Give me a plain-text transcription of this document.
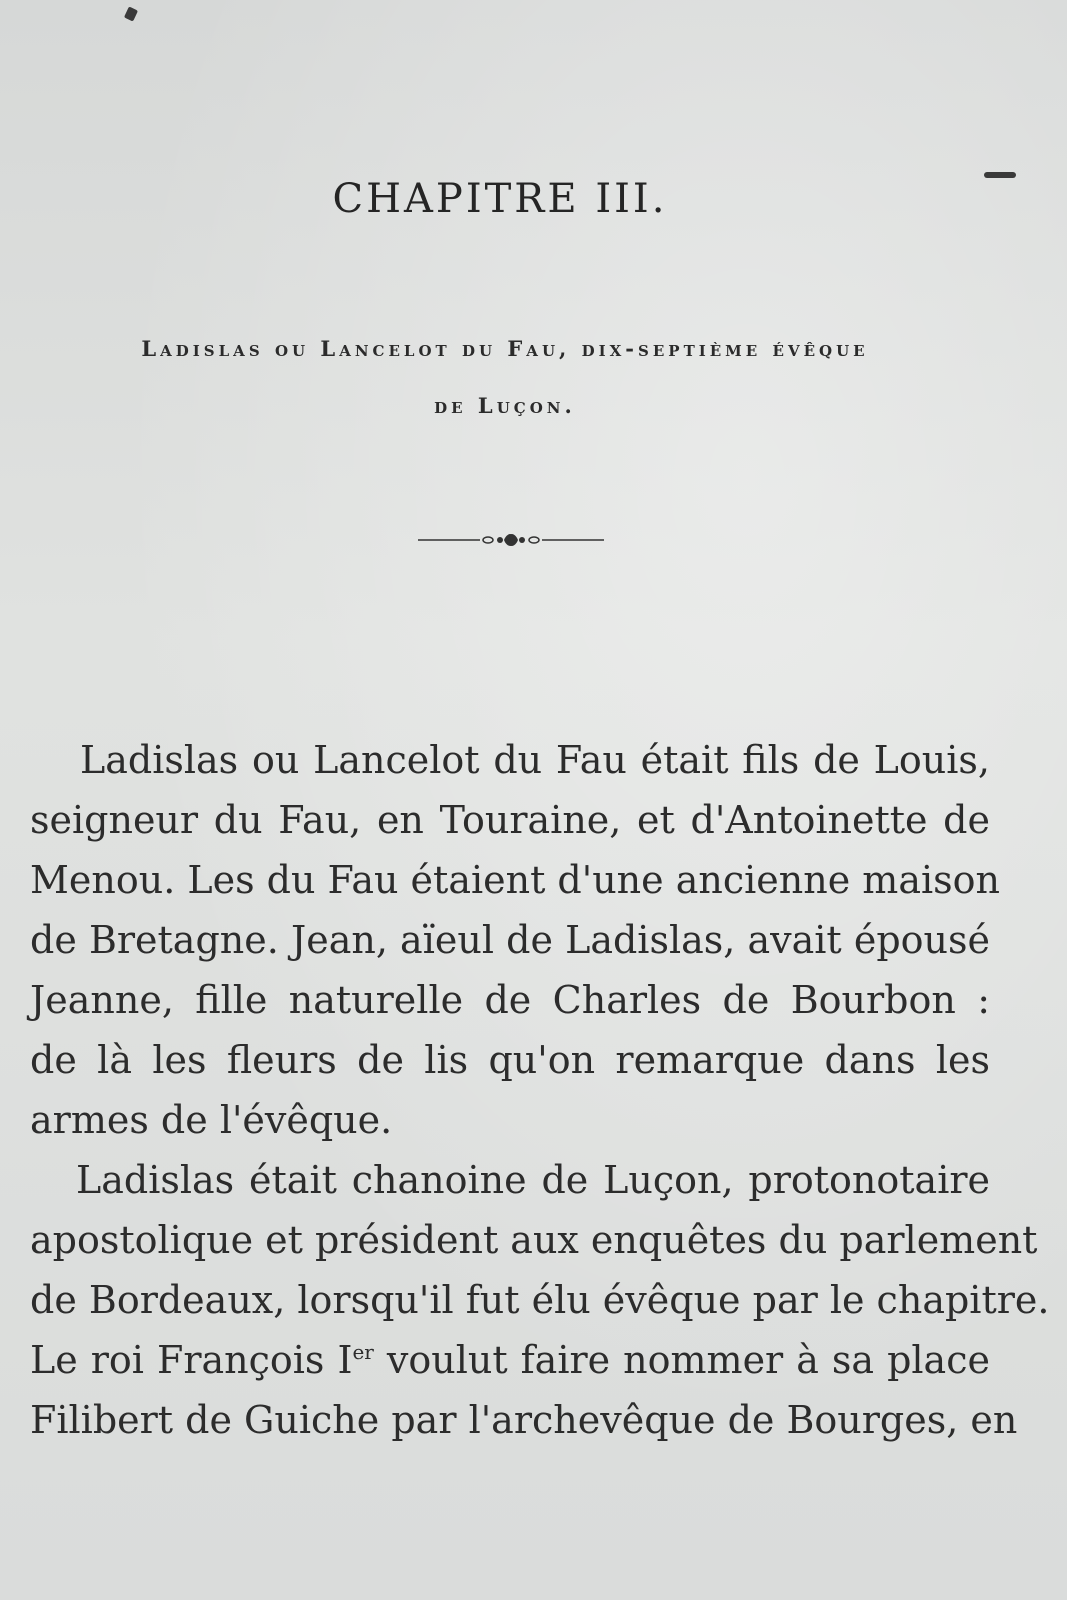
CHAPITRE III.
Ladislas ou Lancelot du Fau, dix-septième évêque
de Luçon.
Ladislas ou Lancelot du Fau était fils de Louis,
seigneur du Fau, en Touraine, et d'Antoinette de
Menou. Les du Fau étaient d'une ancienne maison
de Bretagne. Jean, aïeul de Ladislas, avait épousé
Jeanne, fille naturelle de Charles de Bourbon :
de là les fleurs de lis qu'on remarque dans les
armes de l'évêque.
Ladislas était chanoine de Luçon, protonotaire
apostolique et président aux enquêtes du parlement
de Bordeaux, lorsqu'il fut élu évêque par le chapitre.
Le roi François Ier voulut faire nommer à sa place
Filibert de Guiche par l'archevêque de Bourges, en
